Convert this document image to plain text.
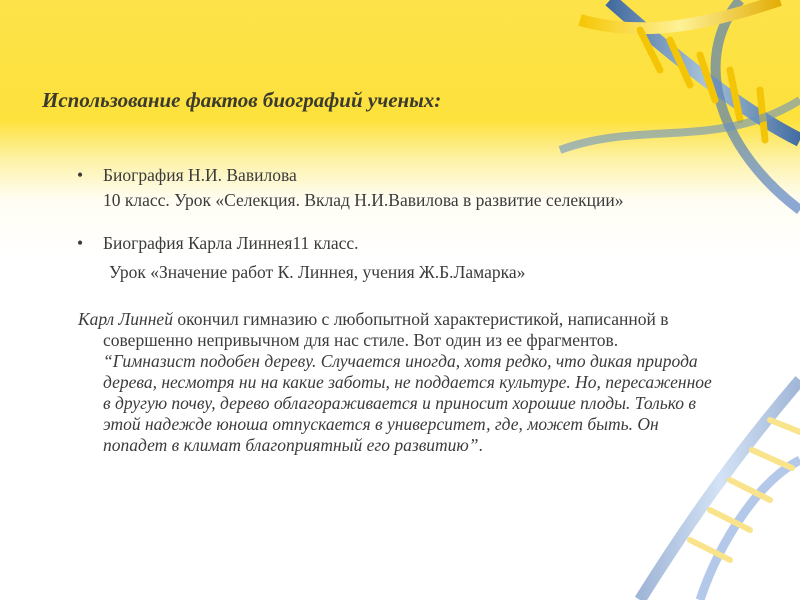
Использование фактов биографий ученых:
• Биография Н.И. Вавилова
10 класс. Урок «Селекция. Вклад Н.И.Вавилова в развитие селекции»
• Биография Карла Линнея11 класс.
Урок «Значение работ К. Линнея, учения Ж.Б.Ламарка»
Карл Линней окончил гимназию с любопытной характеристикой, написанной в совершенно непривычном для нас стиле. Вот один из ее фрагментов. “Гимназист подобен дереву. Случается иногда, хотя редко, что дикая природа дерева, несмотря ни на какие заботы, не поддается культуре. Но, пересаженное в другую почву, дерево облагораживается и приносит хорошие плоды. Только в этой надежде юноша отпускается в университет, где, может быть. Он попадет в климат благоприятный его развитию”.
